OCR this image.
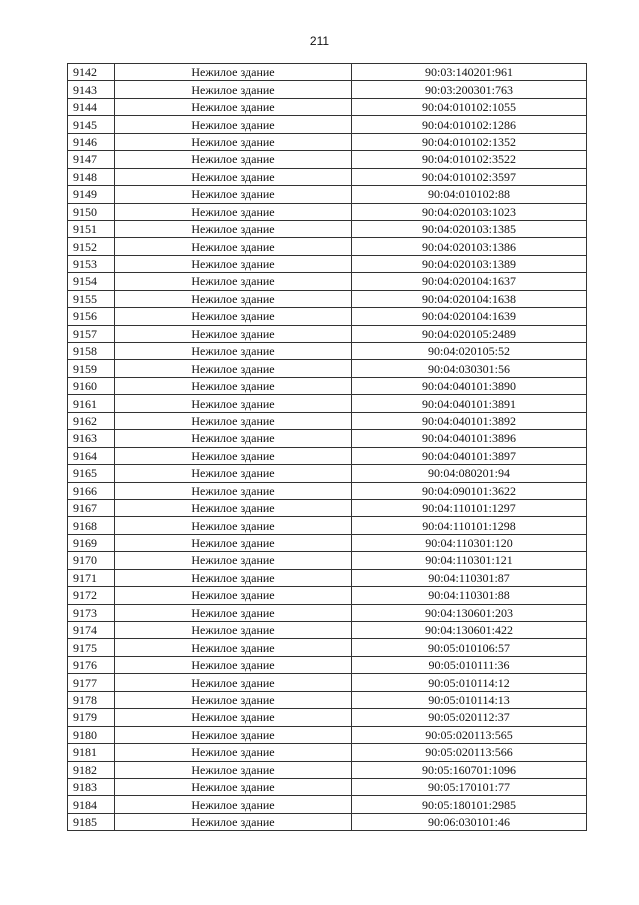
211
9142	Нежилое здание	90:03:140201:961
9143	Нежилое здание	90:03:200301:763
9144	Нежилое здание	90:04:010102:1055
9145	Нежилое здание	90:04:010102:1286
9146	Нежилое здание	90:04:010102:1352
9147	Нежилое здание	90:04:010102:3522
9148	Нежилое здание	90:04:010102:3597
9149	Нежилое здание	90:04:010102:88
9150	Нежилое здание	90:04:020103:1023
9151	Нежилое здание	90:04:020103:1385
9152	Нежилое здание	90:04:020103:1386
9153	Нежилое здание	90:04:020103:1389
9154	Нежилое здание	90:04:020104:1637
9155	Нежилое здание	90:04:020104:1638
9156	Нежилое здание	90:04:020104:1639
9157	Нежилое здание	90:04:020105:2489
9158	Нежилое здание	90:04:020105:52
9159	Нежилое здание	90:04:030301:56
9160	Нежилое здание	90:04:040101:3890
9161	Нежилое здание	90:04:040101:3891
9162	Нежилое здание	90:04:040101:3892
9163	Нежилое здание	90:04:040101:3896
9164	Нежилое здание	90:04:040101:3897
9165	Нежилое здание	90:04:080201:94
9166	Нежилое здание	90:04:090101:3622
9167	Нежилое здание	90:04:110101:1297
9168	Нежилое здание	90:04:110101:1298
9169	Нежилое здание	90:04:110301:120
9170	Нежилое здание	90:04:110301:121
9171	Нежилое здание	90:04:110301:87
9172	Нежилое здание	90:04:110301:88
9173	Нежилое здание	90:04:130601:203
9174	Нежилое здание	90:04:130601:422
9175	Нежилое здание	90:05:010106:57
9176	Нежилое здание	90:05:010111:36
9177	Нежилое здание	90:05:010114:12
9178	Нежилое здание	90:05:010114:13
9179	Нежилое здание	90:05:020112:37
9180	Нежилое здание	90:05:020113:565
9181	Нежилое здание	90:05:020113:566
9182	Нежилое здание	90:05:160701:1096
9183	Нежилое здание	90:05:170101:77
9184	Нежилое здание	90:05:180101:2985
9185	Нежилое здание	90:06:030101:46
